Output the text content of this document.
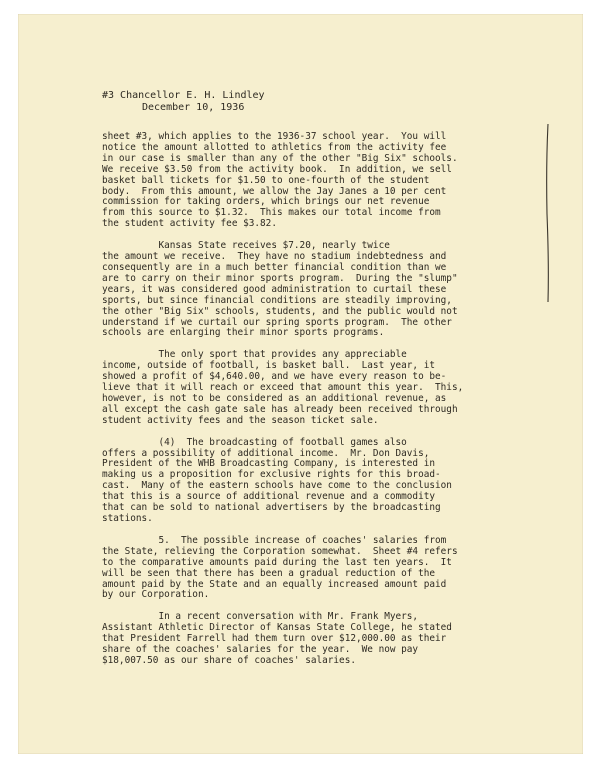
#3 Chancellor E. H. Lindley
December 10, 1936

sheet #3, which applies to the 1936-37 school year.  You will
notice the amount allotted to athletics from the activity fee
in our case is smaller than any of the other "Big Six" schools.
We receive $3.50 from the activity book.  In addition, we sell
basket ball tickets for $1.50 to one-fourth of the student
body.  From this amount, we allow the Jay Janes a 10 per cent
commission for taking orders, which brings our net revenue
from this source to $1.32.  This makes our total income from
the student activity fee $3.82.

Kansas State receives $7.20, nearly twice
the amount we receive.  They have no stadium indebtedness and
consequently are in a much better financial condition than we
are to carry on their minor sports program.  During the "slump"
years, it was considered good administration to curtail these
sports, but since financial conditions are steadily improving,
the other "Big Six" schools, students, and the public would not
understand if we curtail our spring sports program.  The other
schools are enlarging their minor sports programs.

The only sport that provides any appreciable
income, outside of football, is basket ball.  Last year, it
showed a profit of $4,640.00, and we have every reason to be-
lieve that it will reach or exceed that amount this year.  This,
however, is not to be considered as an additional revenue, as
all except the cash gate sale has already been received through
student activity fees and the season ticket sale.

(4)  The broadcasting of football games also
offers a possibility of additional income.  Mr. Don Davis,
President of the WHB Broadcasting Company, is interested in
making us a proposition for exclusive rights for this broad-
cast.  Many of the eastern schools have come to the conclusion
that this is a source of additional revenue and a commodity
that can be sold to national advertisers by the broadcasting
stations.

5.  The possible increase of coaches' salaries from
the State, relieving the Corporation somewhat.  Sheet #4 refers
to the comparative amounts paid during the last ten years.  It
will be seen that there has been a gradual reduction of the
amount paid by the State and an equally increased amount paid
by our Corporation.

In a recent conversation with Mr. Frank Myers,
Assistant Athletic Director of Kansas State College, he stated
that President Farrell had them turn over $12,000.00 as their
share of the coaches' salaries for the year.  We now pay
$18,007.50 as our share of coaches' salaries.
